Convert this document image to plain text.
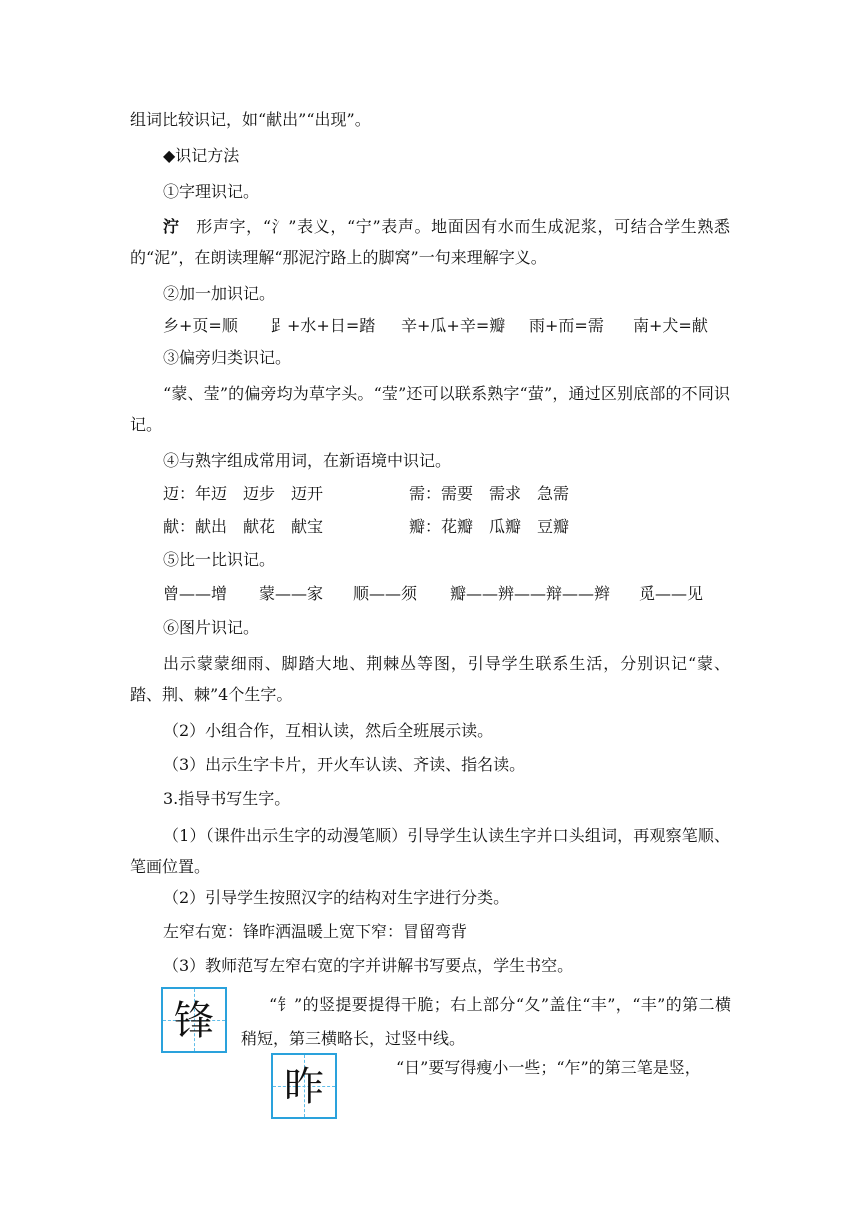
组词比较识记，如“献出”“出现”。
◆识记方法
①字理识记。
泞　形声字，“氵”表义，“宁”表声。地面因有水而生成泥浆，可结合学生熟悉的“泥”，在朗读理解“那泥泞路上的脚窝”一句来理解字义。
②加一加识记。
乡+页=顺 𧾷+水+日=踏 辛+瓜+辛=瓣 雨+而=需 南+犬=献
③偏旁归类识记。
“蒙、莹”的偏旁均为草字头。“莹”还可以联系熟字“萤”，通过区别底部的不同识记。
④与熟字组成常用词，在新语境中识记。
迈：年迈　迈步　迈开	需：需要　需求　急需
献：献出　献花　献宝	瓣：花瓣　瓜瓣　豆瓣
⑤比一比识记。
曾——增 蒙——家 顺——须 瓣——辨——辩——辫 觅——见
⑥图片识记。
出示蒙蒙细雨、脚踏大地、荆棘丛等图，引导学生联系生活，分别识记“蒙、踏、荆、棘”4个生字。
（2）小组合作，互相认读，然后全班展示读。
（3）出示生字卡片，开火车认读、齐读、指名读。
3.指导书写生字。
（1）（课件出示生字的动漫笔顺）引导学生认读生字并口头组词，再观察笔顺、笔画位置。
（2）引导学生按照汉字的结构对生字进行分类。
左窄右宽：锋昨洒温暖上宽下窄：冒留弯背
（3）教师范写左窄右宽的字并讲解书写要点，学生书空。
锋	“钅”的竖提要提得干脆；右上部分“夂”盖住“丰”，“丰”的第二横稍短，第三横略长，过竖中线。
昨	“日”要写得瘦小一些；“乍”的第三笔是竖，
